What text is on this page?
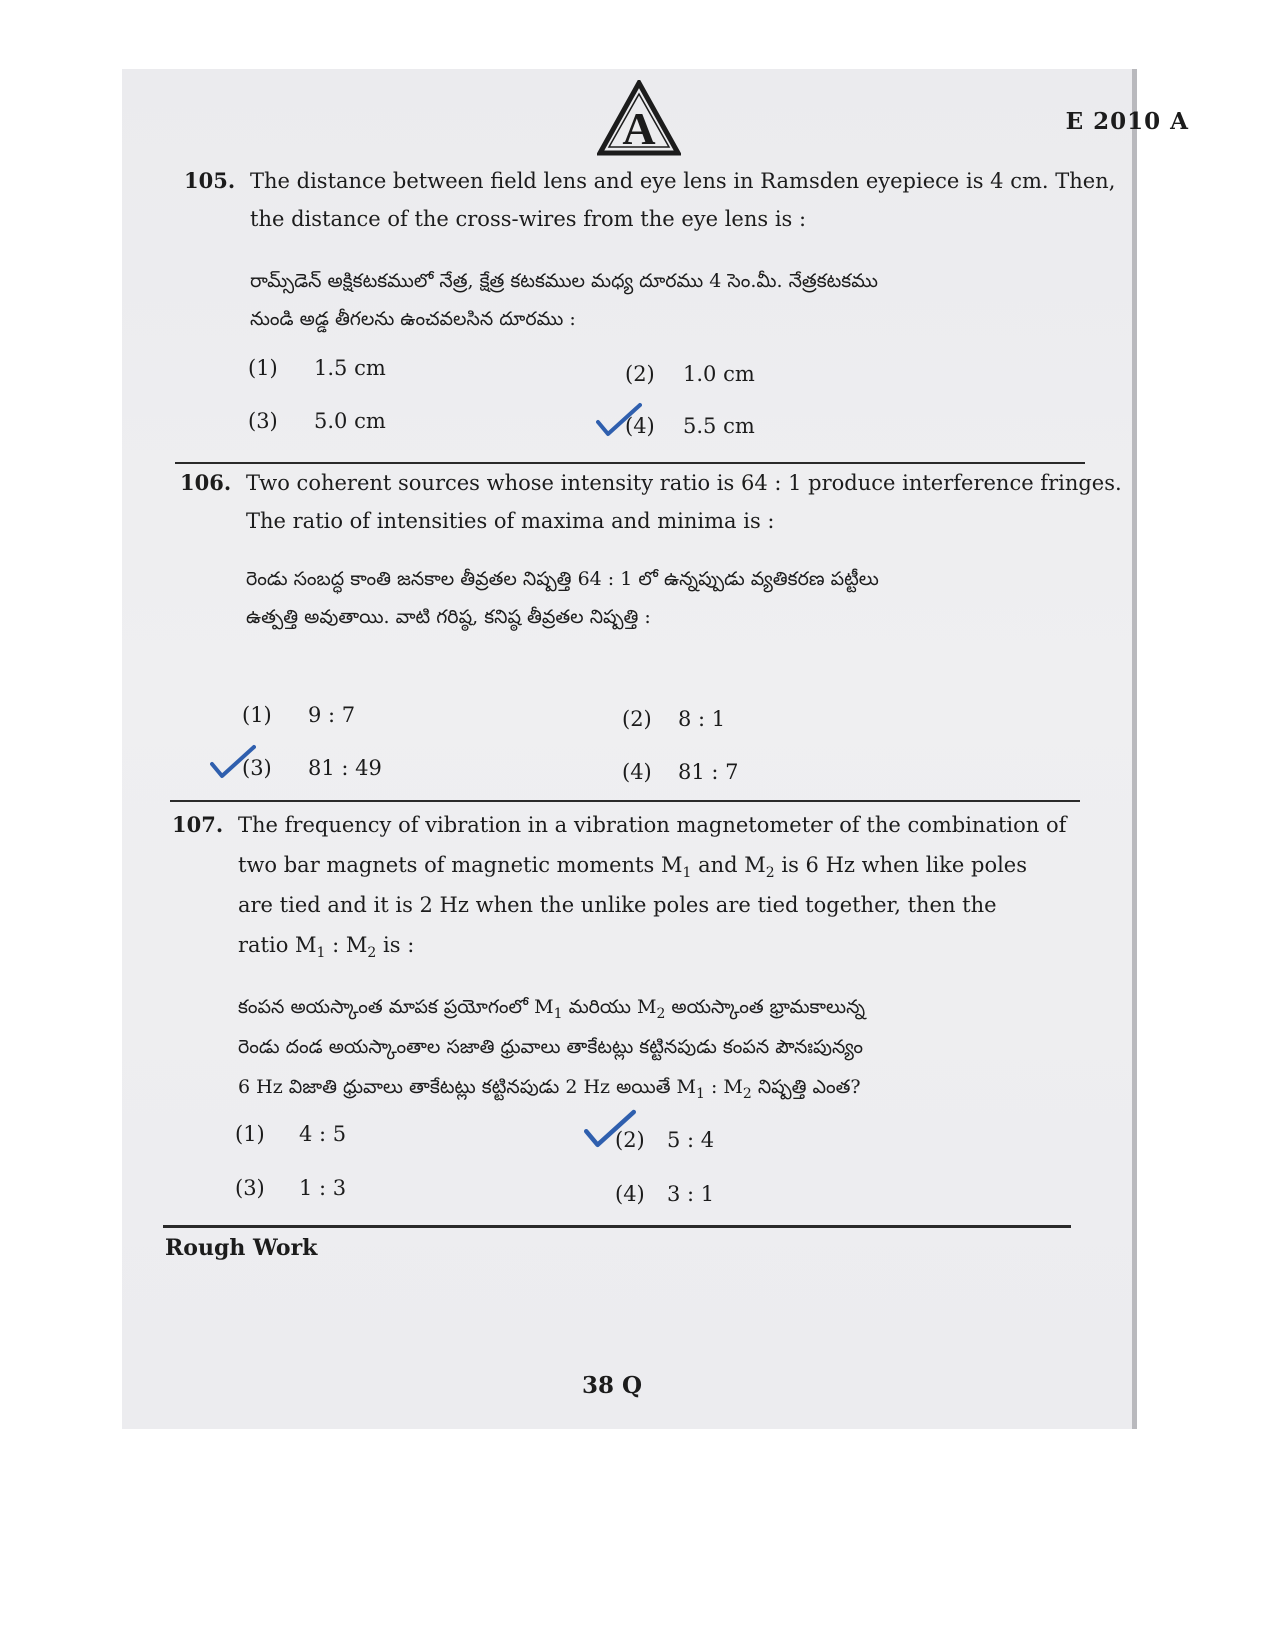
A	E 2010 A
105. The distance between field lens and eye lens in Ramsden eyepiece is 4 cm. Then,
the distance of the cross-wires from the eye lens is :
రామ్స్‌డెన్ అక్షికటకములో నేత్ర, క్షేత్ర కటకముల మధ్య దూరము 4 సెం.మీ. నేత్రకటకము
నుండి అడ్డ తీగలను ఉంచవలసిన దూరము :
(1) 1.5 cm	(2) 1.0 cm
(3) 5.0 cm	(4) 5.5 cm
106. Two coherent sources whose intensity ratio is 64 : 1 produce interference fringes.
The ratio of intensities of maxima and minima is :
రెండు సంబద్ధ కాంతి జనకాల తీవ్రతల నిష్పత్తి 64 : 1 లో ఉన్నప్పుడు వ్యతికరణ పట్టీలు
ఉత్పత్తి అవుతాయి. వాటి గరిష్ఠ, కనిష్ఠ తీవ్రతల నిష్పత్తి :
(1) 9 : 7	(2) 8 : 1
(3) 81 : 49	(4) 81 : 7
107. The frequency of vibration in a vibration magnetometer of the combination of
two bar magnets of magnetic moments $M_1$ and $M_2$ is 6 Hz when like poles
are tied and it is 2 Hz when the unlike poles are tied together, then the
ratio $M_1$ : $M_2$ is :
కంపన అయస్కాంత మాపక ప్రయోగంలో $M_1$ మరియు $M_2$ అయస్కాంత భ్రామకాలున్న
రెండు దండ అయస్కాంతాల సజాతి ధ్రువాలు తాకేటట్లు కట్టినపుడు కంపన పౌనఃపున్యం
6 Hz విజాతి ధ్రువాలు తాకేటట్లు కట్టినపుడు 2 Hz అయితే $M_1$ : $M_2$ నిష్పత్తి ఎంత?
(1) 4 : 5	(2) 5 : 4
(3) 1 : 3	(4) 3 : 1
Rough Work
38 Q
